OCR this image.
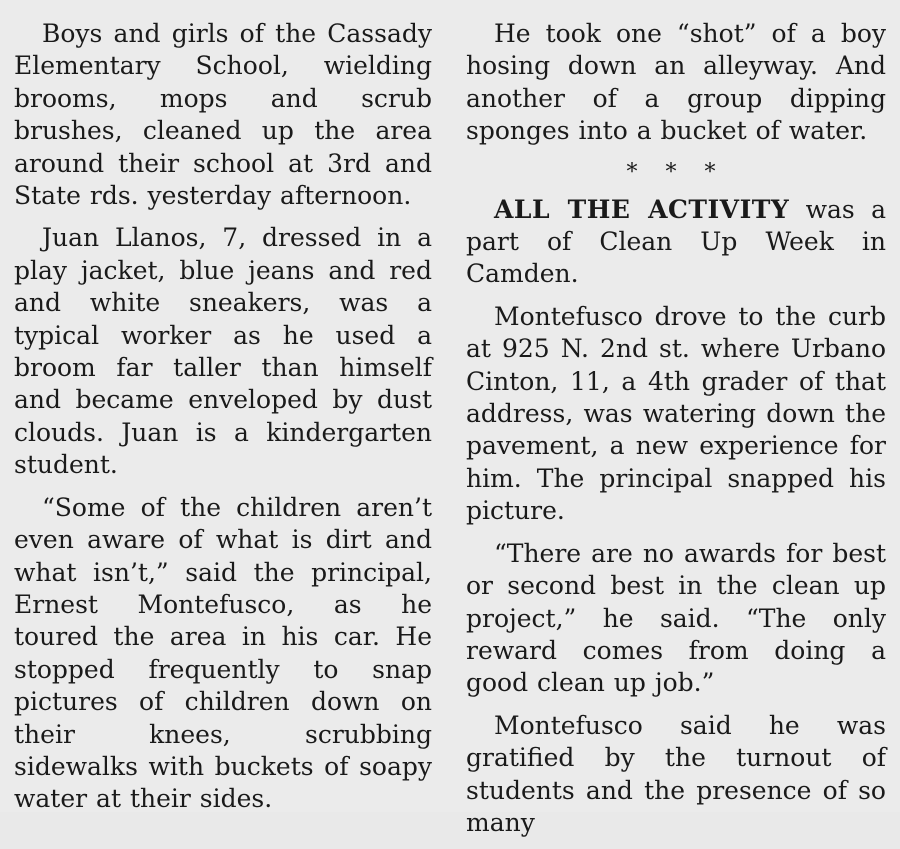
Boys and girls of the Cassady Elementary School, wielding brooms, mops and scrub brushes, cleaned up the area around their school at 3rd and State rds. yesterday afternoon.

Juan Llanos, 7, dressed in a play jacket, blue jeans and red and white sneakers, was a typical worker as he used a broom far taller than himself and became enveloped by dust clouds. Juan is a kindergarten student.

“Some of the children aren’t even aware of what is dirt and what isn’t,” said the principal, Ernest Montefusco, as he toured the area in his car. He stopped frequently to snap pictures of children down on their knees, scrubbing sidewalks with buckets of soapy water at their sides.

He took one “shot” of a boy hosing down an alleyway. And another of a group dipping sponges into a bucket of water.

* * *

ALL THE ACTIVITY was a part of Clean Up Week in Camden.

Montefusco drove to the curb at 925 N. 2nd st. where Urbano Cinton, 11, a 4th grader of that address, was watering down the pavement, a new experience for him. The principal snapped his picture.

“There are no awards for best or second best in the clean up project,” he said. “The only reward comes from doing a good clean up job.”

Montefusco said he was gratified by the turnout of students and the presence of so many
